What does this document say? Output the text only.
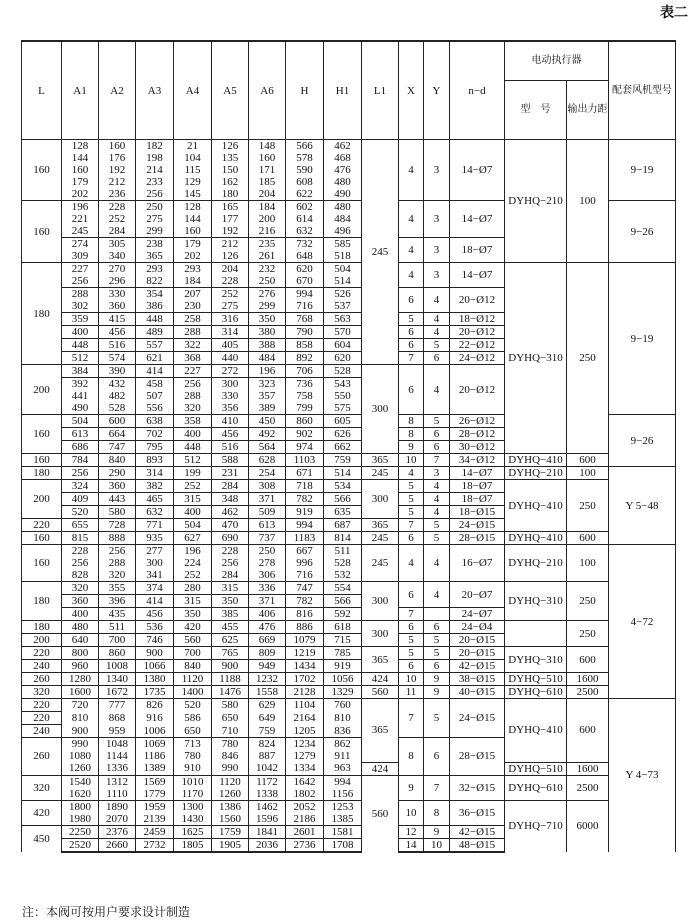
表二
L	A1	A2	A3	A4	A5	A6	H	H1	L1	X	Y	n−d	电动执行器		配套风机型号
													型　号	输出力距	
160	128	160	182	21	126	148	566	462	245	4	3	14−Ø7	DYHQ−210	100	9−19
	144	176	198	104	135	160	578	468							
	160	192	214	115	150	171	590	476							
	179	212	233	129	162	185	608	480							
	202	236	256	145	180	204	622	490							
160	196	228	250	128	165	184	602	480		4	3	14−Ø7			9−26
	221	252	275	144	177	200	614	484							
	245	284	299	160	192	216	632	496							
	274	305	238	179	212	235	732	585		4	3	18−Ø7			
	309	340	365	202	126	261	648	518							
180	227	270	293	293	204	232	620	504		4	3	14−Ø7	DYHQ−310	250	9−19
	256	296	822	184	228	250	670	514							
	288	330	354	207	252	276	994	526		6	4	20−Ø12			
	302	360	386	230	275	299	716	537							
	359	415	448	258	316	350	768	563		5	4	18−Ø12			
	400	456	489	288	314	380	790	570		6	4	20−Ø12			
	448	516	557	322	405	388	858	604		6	5	22−Ø12			
	512	574	621	368	440	484	892	620		7	6	24−Ø12			
200	384	390	414	227	272	196	706	528	300	6	4	20−Ø12			
	392	432	458	256	300	323	736	543							
	441	482	507	288	330	357	758	550							
	490	528	556	320	356	389	799	575							
160	504	600	638	358	410	450	860	605		8	5	26−Ø12			9−26
	613	664	702	400	456	492	902	626		8	6	28−Ø12			
	686	747	795	448	516	564	974	662		9	6	30−Ø12			
160	784	840	893	512	588	628	1103	759	365	10	7	34−Ø12	DYHQ−410	600	
180	256	290	314	199	231	254	671	514	245	4	3	14−Ø7	DYHQ−210	100	Y 5−48
200	324	360	382	252	284	308	718	534	300	5	4	18−Ø7	DYHQ−410	250	
	409	443	465	315	348	371	782	566		5	4	18−Ø7			
	520	580	632	400	462	509	919	635		5	4	18−Ø15			
220	655	728	771	504	470	613	994	687	365	7	5	24−Ø15			
160	815	888	935	627	690	737	1183	814	245	6	5	28−Ø15	DYHQ−410	600	
160	228	256	277	196	228	250	667	511	245	4	4	16−Ø7	DYHQ−210	100	4−72
	256	288	300	224	256	278	996	528							
	828	320	341	252	284	306	716	532							
180	320	355	374	280	315	336	747	554	300	6	4	20−Ø7	DYHQ−310	250	
	360	396	414	315	350	371	782	566							
	400	435	456	350	385	406	816	592		7		24−Ø7			
180	480	511	536	420	455	476	886	618	300	6	6	24−Ø4		250	
200	640	700	746	560	625	669	1079	715		5	5	20−Ø15			
220	800	860	900	700	765	809	1219	785	365	5	5	20−Ø15	DYHQ−310	600	
240	960	1008	1066	840	900	949	1434	919		6	6	42−Ø15			
260	1280	1340	1380	1120	1188	1232	1702	1056	424	10	9	38−Ø15	DYHQ−510	1600	
320	1600	1672	1735	1400	1476	1558	2128	1329	560	11	9	40−Ø15	DYHQ−610	2500	
220	720	777	826	520	580	629	1104	760	365	7	5	24−Ø15	DYHQ−410	600	Y 4−73
220	810	868	916	586	650	649	2164	810							
240	900	959	1006	650	710	759	1205	836							
260	990	1048	1069	713	780	824	1234	862		8	6	28−Ø15			
	1080	1144	1186	780	846	887	1279	911							
	1260	1336	1389	910	990	1042	1334	963	424				DYHQ−510	1600	
320	1540	1312	1569	1010	1120	1172	1642	994	560	9	7	32−Ø15	DYHQ−610	2500	
	1620	1110	1779	1170	1260	1338	1802	1156							
420	1800	1890	1959	1300	1386	1462	2052	1253		10	8	36−Ø15	DYHQ−710	6000	
	1980	2070	2139	1430	1560	1596	2186	1385							
450	2250	2376	2459	1625	1759	1841	2601	1581		12	9	42−Ø15			
	2520	2660	2732	1805	1905	2036	2736	1708		14	10	48−Ø15			
注：本阀可按用户要求设计制造
